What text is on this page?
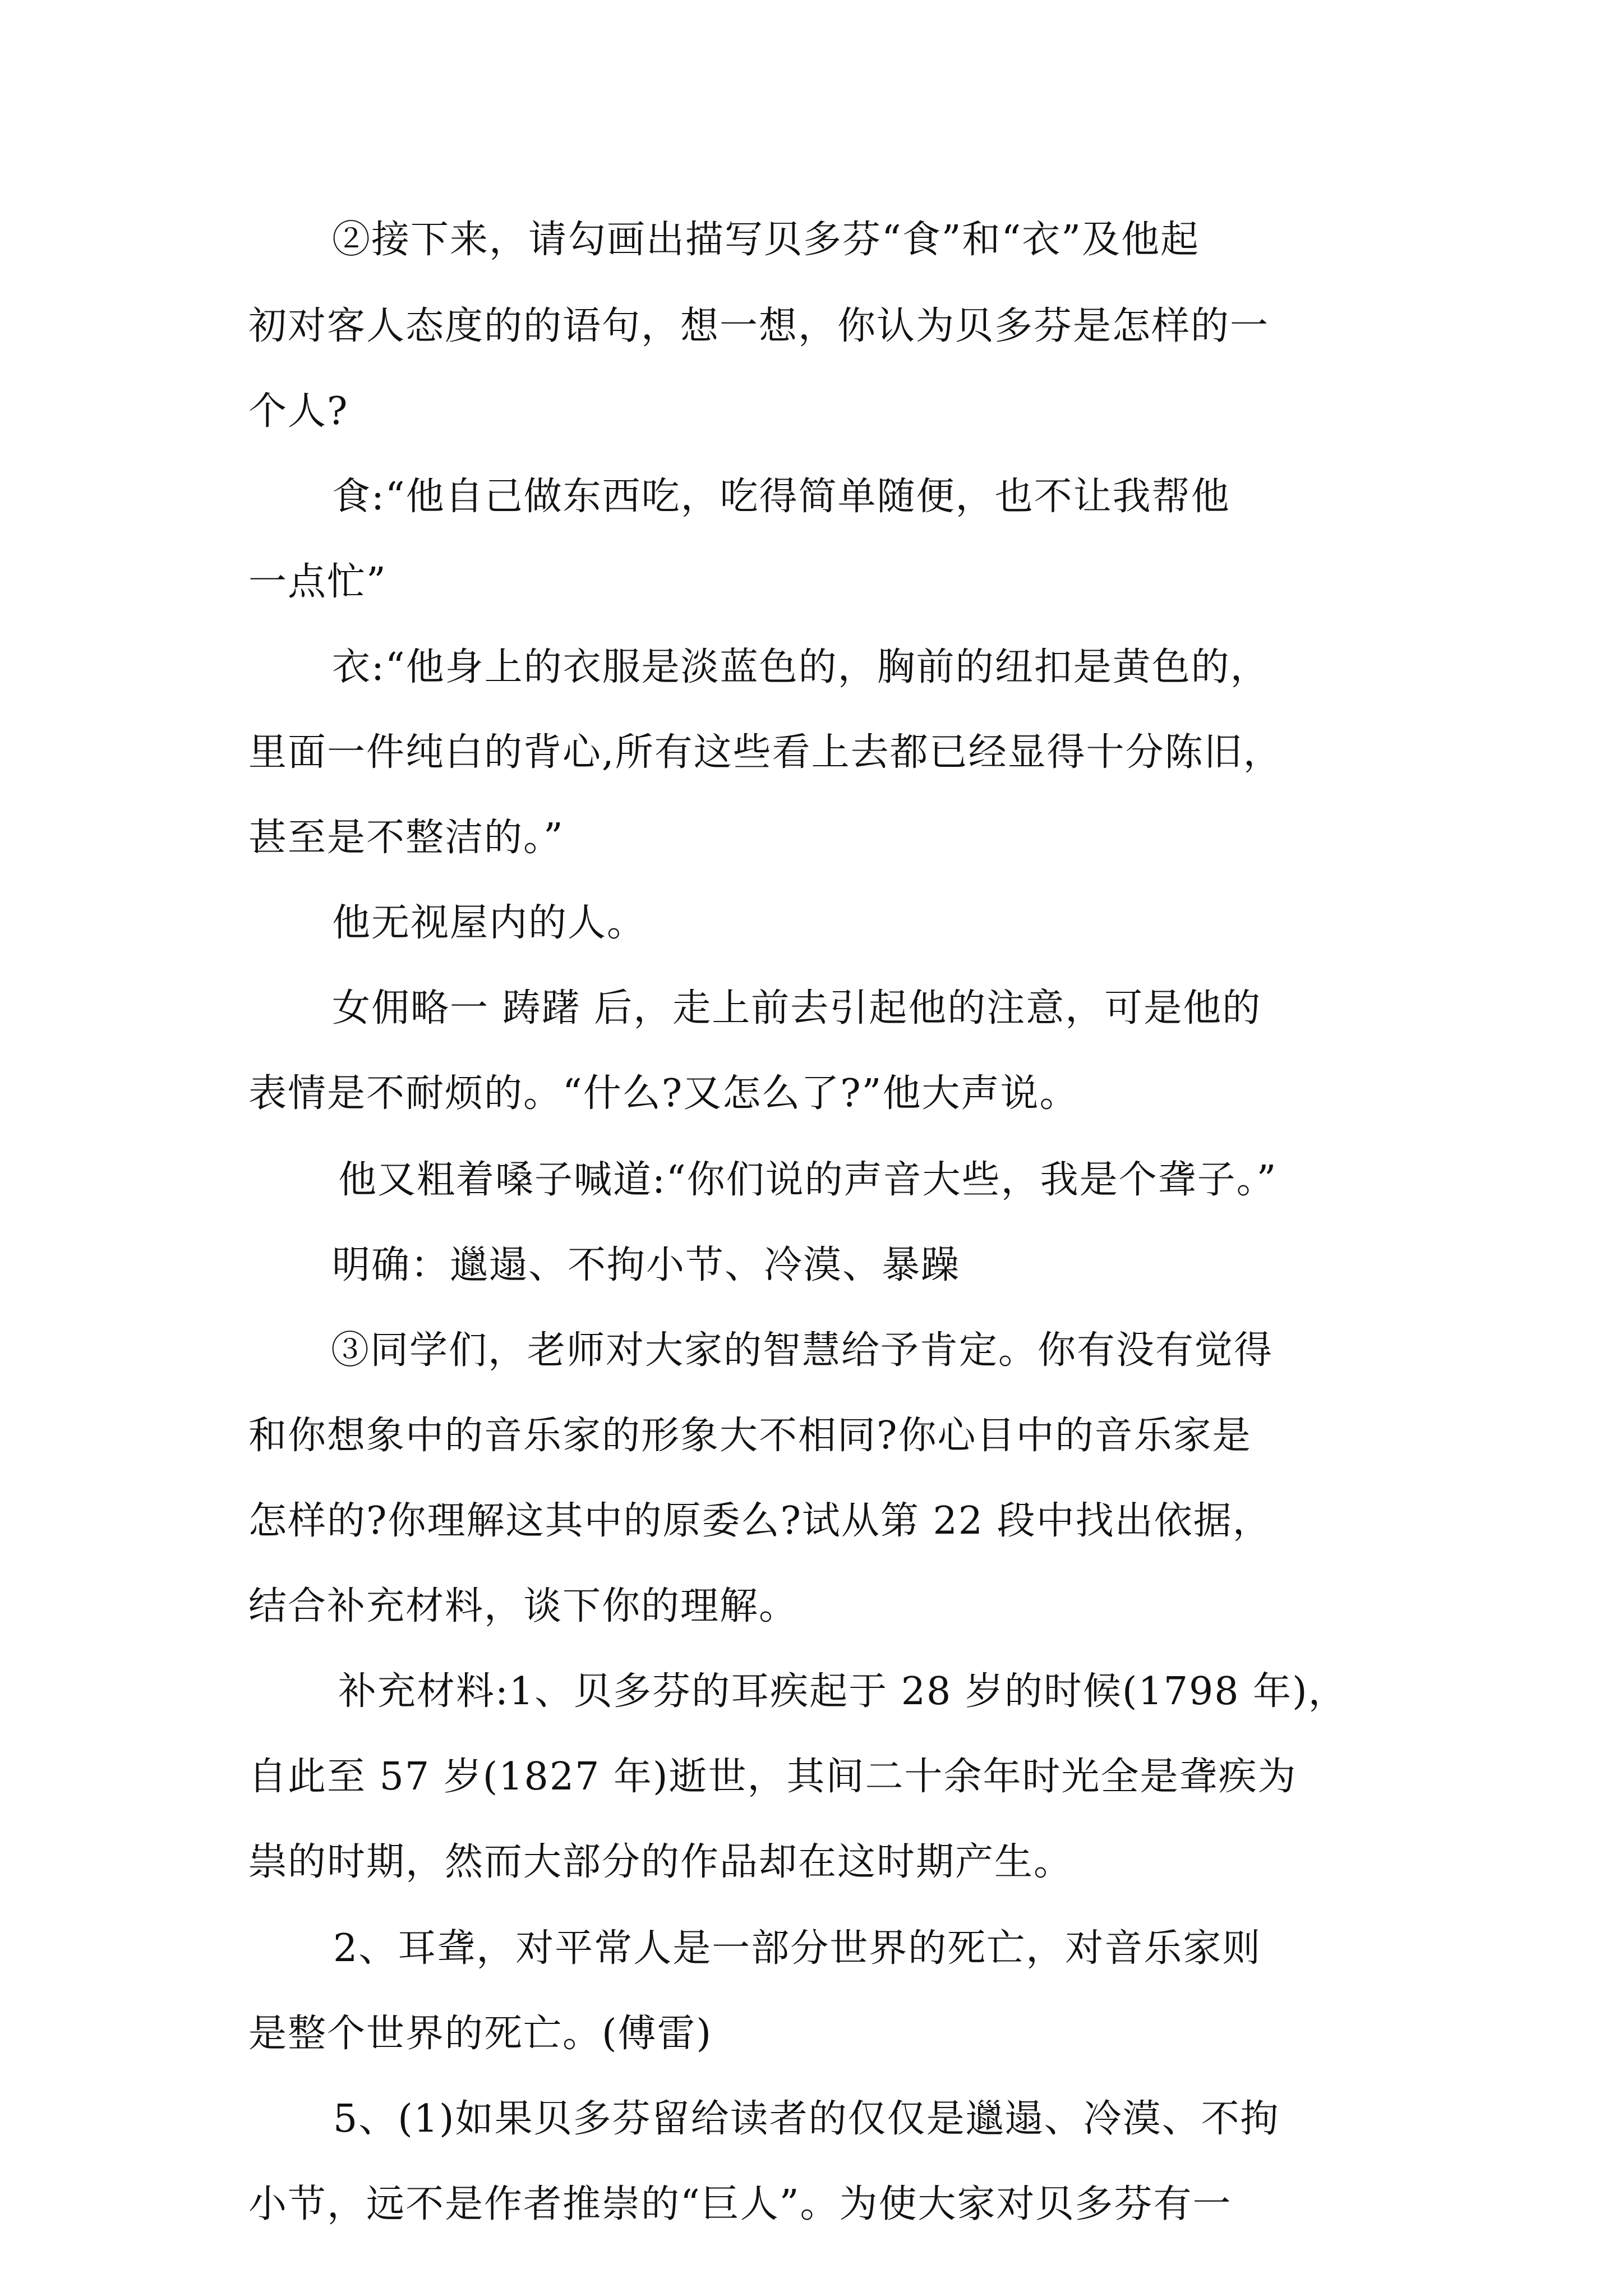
②接下来，请勾画出描写贝多芬“食”和“衣”及他起
初对客人态度的的语句，想一想，你认为贝多芬是怎样的一
个人?
食:“他自己做东西吃，吃得简单随便，也不让我帮他
一点忙”
衣:“他身上的衣服是淡蓝色的，胸前的纽扣是黄色的，
里面一件纯白的背心,所有这些看上去都已经显得十分陈旧，
甚至是不整洁的。”
他无视屋内的人。
女佣略一 踌躇 后，走上前去引起他的注意，可是他的
表情是不耐烦的。“什么?又怎么了?”他大声说。
他又粗着嗓子喊道:“你们说的声音大些，我是个聋子。”
明确：邋遢、不拘小节、冷漠、暴躁
③同学们，老师对大家的智慧给予肯定。你有没有觉得
和你想象中的音乐家的形象大不相同?你心目中的音乐家是
怎样的?你理解这其中的原委么?试从第 22 段中找出依据，
结合补充材料，谈下你的理解。
补充材料:1、贝多芬的耳疾起于 28 岁的时候(1798 年)，
自此至 57 岁(1827 年)逝世，其间二十余年时光全是聋疾为
祟的时期，然而大部分的作品却在这时期产生。
2、耳聋，对平常人是一部分世界的死亡，对音乐家则
是整个世界的死亡。(傅雷)
5、(1)如果贝多芬留给读者的仅仅是邋遢、冷漠、不拘
小节，远不是作者推崇的“巨人”。为使大家对贝多芬有一
